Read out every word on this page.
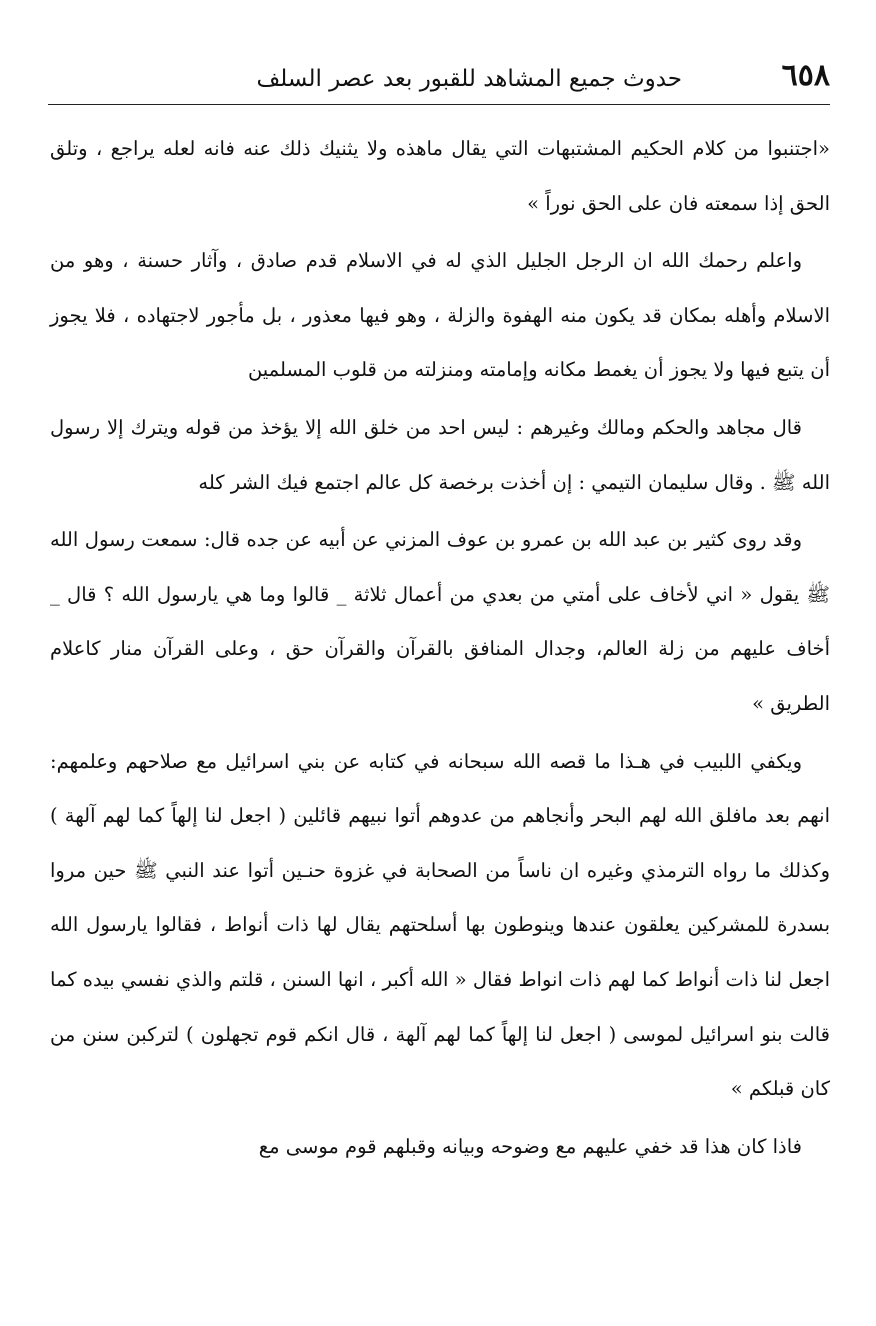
٦٥٨
حدوث جميع المشاهد للقبور بعد عصر السلف

«اجتنبوا من كلام الحكيم المشتبهات التي يقال ماهذه ولا يثنيك ذلك عنه فانه لعله يراجع ، وتلق الحق إذا سمعته فان على الحق نوراً »

واعلم رحمك الله ان الرجل الجليل الذي له في الاسلام قدم صادق ، وآثار حسنة ، وهو من الاسلام وأهله بمكان قد يكون منه الهفوة والزلة ، وهو فيها معذور ، بل مأجور لاجتهاده ، فلا يجوز أن يتبع فيها ولا يجوز أن يغمط مكانه وإمامته ومنزلته من قلوب المسلمين

قال مجاهد والحكم ومالك وغيرهم : ليس احد من خلق الله إلا يؤخذ من قوله ويترك إلا رسول الله ﷺ . وقال سليمان التيمي : إن أخذت برخصة كل عالم اجتمع فيك الشر كله

وقد روى كثير بن عبد الله بن عمرو بن عوف المزني عن أبيه عن جده قال: سمعت رسول الله ﷺ يقول « اني لأخاف على أمتي من بعدي من أعمال ثلاثة _ قالوا وما هي يارسول الله ؟ قال _ أخاف عليهم من زلة العالم، وجدال المنافق بالقرآن والقرآن حق ، وعلى القرآن منار كاعلام الطريق »

ويكفي اللبيب في هـذا ما قصه الله سبحانه في كتابه عن بني اسرائيل مع صلاحهم وعلمهم: انهم بعد مافلق الله لهم البحر وأنجاهم من عدوهم أتوا نبيهم قائلين ( اجعل لنا إلهاً كما لهم آلهة ) وكذلك ما رواه الترمذي وغيره ان ناساً من الصحابة في غزوة حنـين أتوا عند النبي ﷺ حين مروا بسدرة للمشركين يعلقون عندها وينوطون بها أسلحتهم يقال لها ذات أنواط ، فقالوا يارسول الله اجعل لنا ذات أنواط كما لهم ذات انواط فقال « الله أكبر ، انها السنن ، قلتم والذي نفسي بيده كما قالت بنو اسرائيل لموسى ( اجعل لنا إلهاً كما لهم آلهة ، قال انكم قوم تجهلون ) لتركبن سنن من كان قبلكم »

فاذا كان هذا قد خفي عليهم مع وضوحه وبيانه وقبلهم قوم موسى مع
